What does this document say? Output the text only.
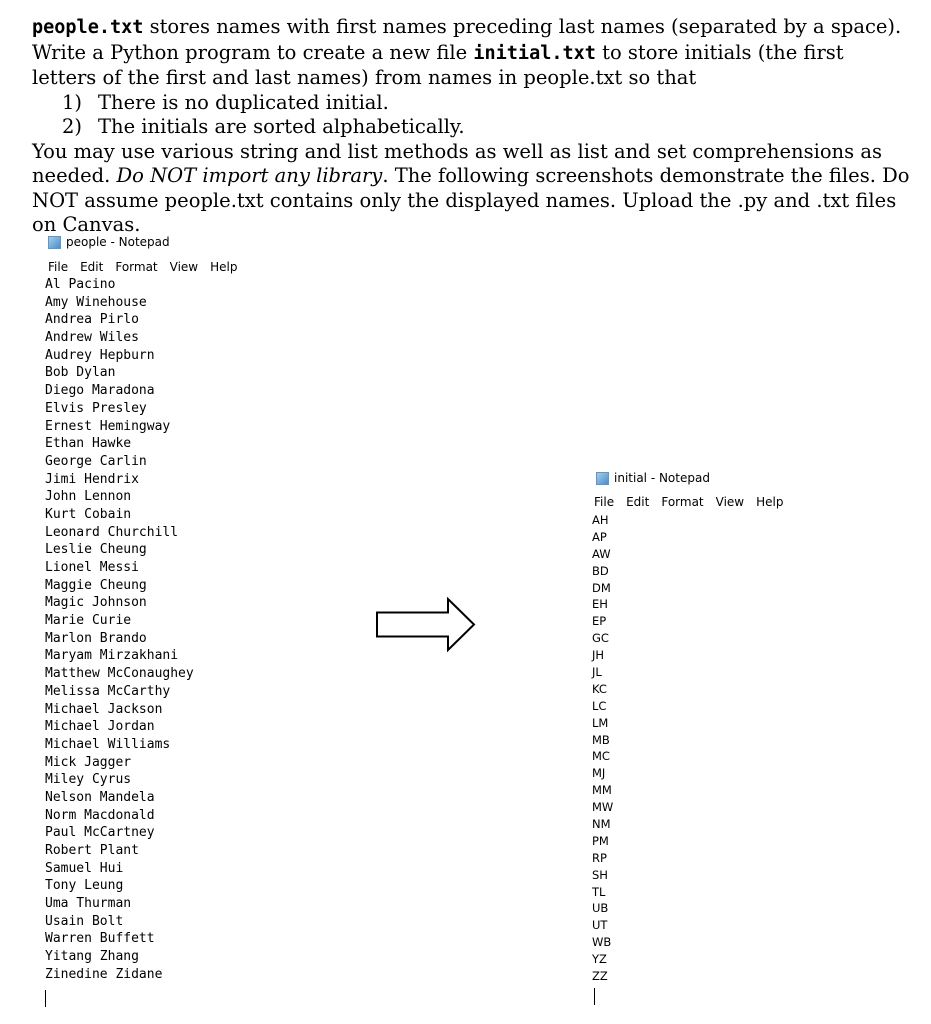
people.txt stores names with first names preceding last names (separated by a space). Write a Python program to create a new file initial.txt to store initials (the first letters of the first and last names) from names in people.txt so that

1) There is no duplicated initial.
2) The initials are sorted alphabetically.

You may use various string and list methods as well as list and set comprehensions as needed. Do NOT import any library. The following screenshots demonstrate the files. Do NOT assume people.txt contains only the displayed names. Upload the .py and .txt files on Canvas.

people - Notepad
File Edit Format View Help
Al Pacino
Amy Winehouse
Andrea Pirlo
Andrew Wiles
Audrey Hepburn
Bob Dylan
Diego Maradona
Elvis Presley
Ernest Hemingway
Ethan Hawke
George Carlin
Jimi Hendrix
John Lennon
Kurt Cobain
Leonard Churchill
Leslie Cheung
Lionel Messi
Maggie Cheung
Magic Johnson
Marie Curie
Marlon Brando
Maryam Mirzakhani
Matthew McConaughey
Melissa McCarthy
Michael Jackson
Michael Jordan
Michael Williams
Mick Jagger
Miley Cyrus
Nelson Mandela
Norm Macdonald
Paul McCartney
Robert Plant
Samuel Hui
Tony Leung
Uma Thurman
Usain Bolt
Warren Buffett
Yitang Zhang
Zinedine Zidane
initial - Notepad
File Edit Format View Help
AH
AP
AW
BD
DM
EH
EP
GC
JH
JL
KC
LC
LM
MB
MC
MJ
MM
MW
NM
PM
RP
SH
TL
UB
UT
WB
YZ
ZZ
